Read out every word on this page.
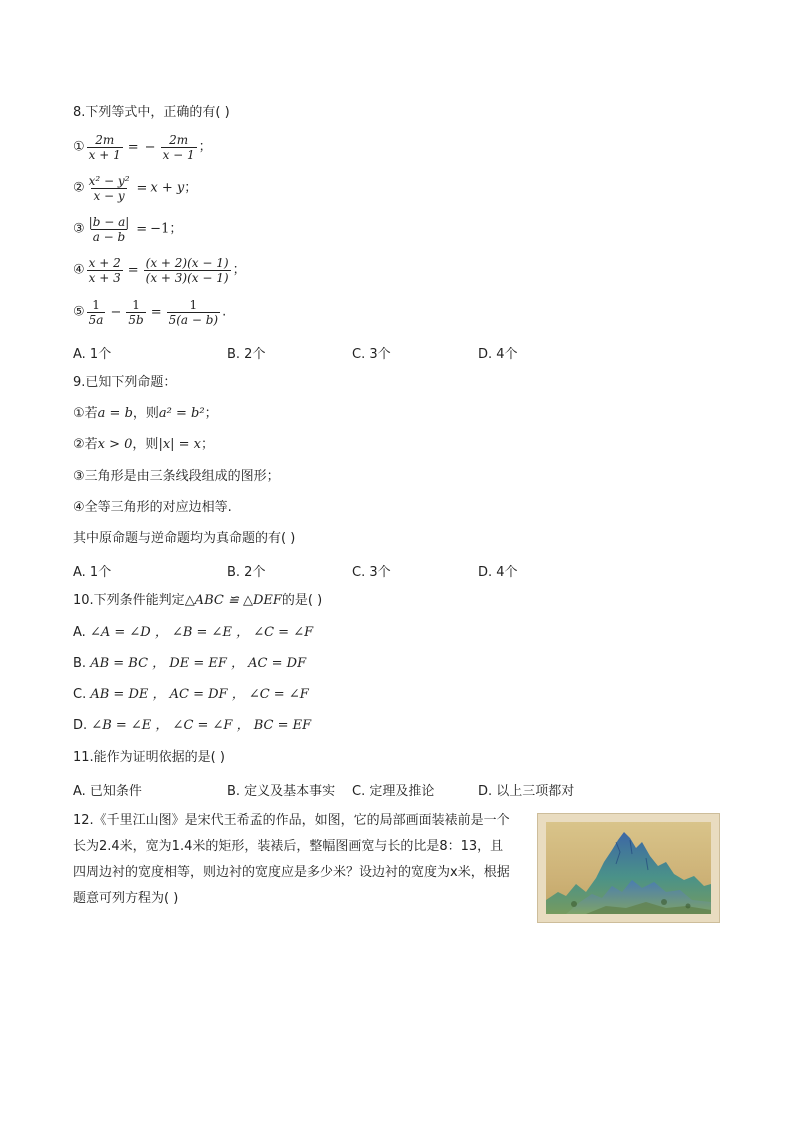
8.下列等式中，正确的有( )
① $\frac{2m}{x + 1}$ = − $\frac{2m}{x - 1}$ ；
② $\frac{\text{x² − y²}}{x - y} = x + y$；
③ $\frac{|b - a|}{a - b} = -1$；
④ $\frac{x + 2}{x + 3} = \frac{(x + 2)(x - 1)}{(x + 3)(x - 1)}$ ；
⑤ $\frac{1}{5a} - \frac{1}{5b} = \frac{1}{5(a - b)}$ .
A. 1个	B. 2个	C. 3个	D. 4个
9.已知下列命题：
①若a = b，则a² = b²；
②若x > 0，则|x| = x；
③三角形是由三条线段组成的图形；
④全等三角形的对应边相等.
其中原命题与逆命题均为真命题的有( )
A. 1个	B. 2个	C. 3个	D. 4个
10.下列条件能判定△ABC ≌ △DEF的是( )
A. ∠A = ∠D ， ∠B = ∠E ， ∠C = ∠F
B. AB = BC ， DE = EF ， AC = DF
C. AB = DE ， AC = DF ， ∠C = ∠F
D. ∠B = ∠E ， ∠C = ∠F ， BC = EF
11.能作为证明依据的是( )
A. 已知条件	B. 定义及基本事实 C. 定理及推论	D. 以上三项都对
12.《千里江山图》是宋代王希孟的作品，如图，它的局部画面装裱前是一个长为2.4米，宽为1.4米的矩形，装裱后，整幅图画宽与长的比是8：13，且四周边衬的宽度相等，则边衬的宽度应是多少米？设边衬的宽度为x米，根据题意可列方程为( )
